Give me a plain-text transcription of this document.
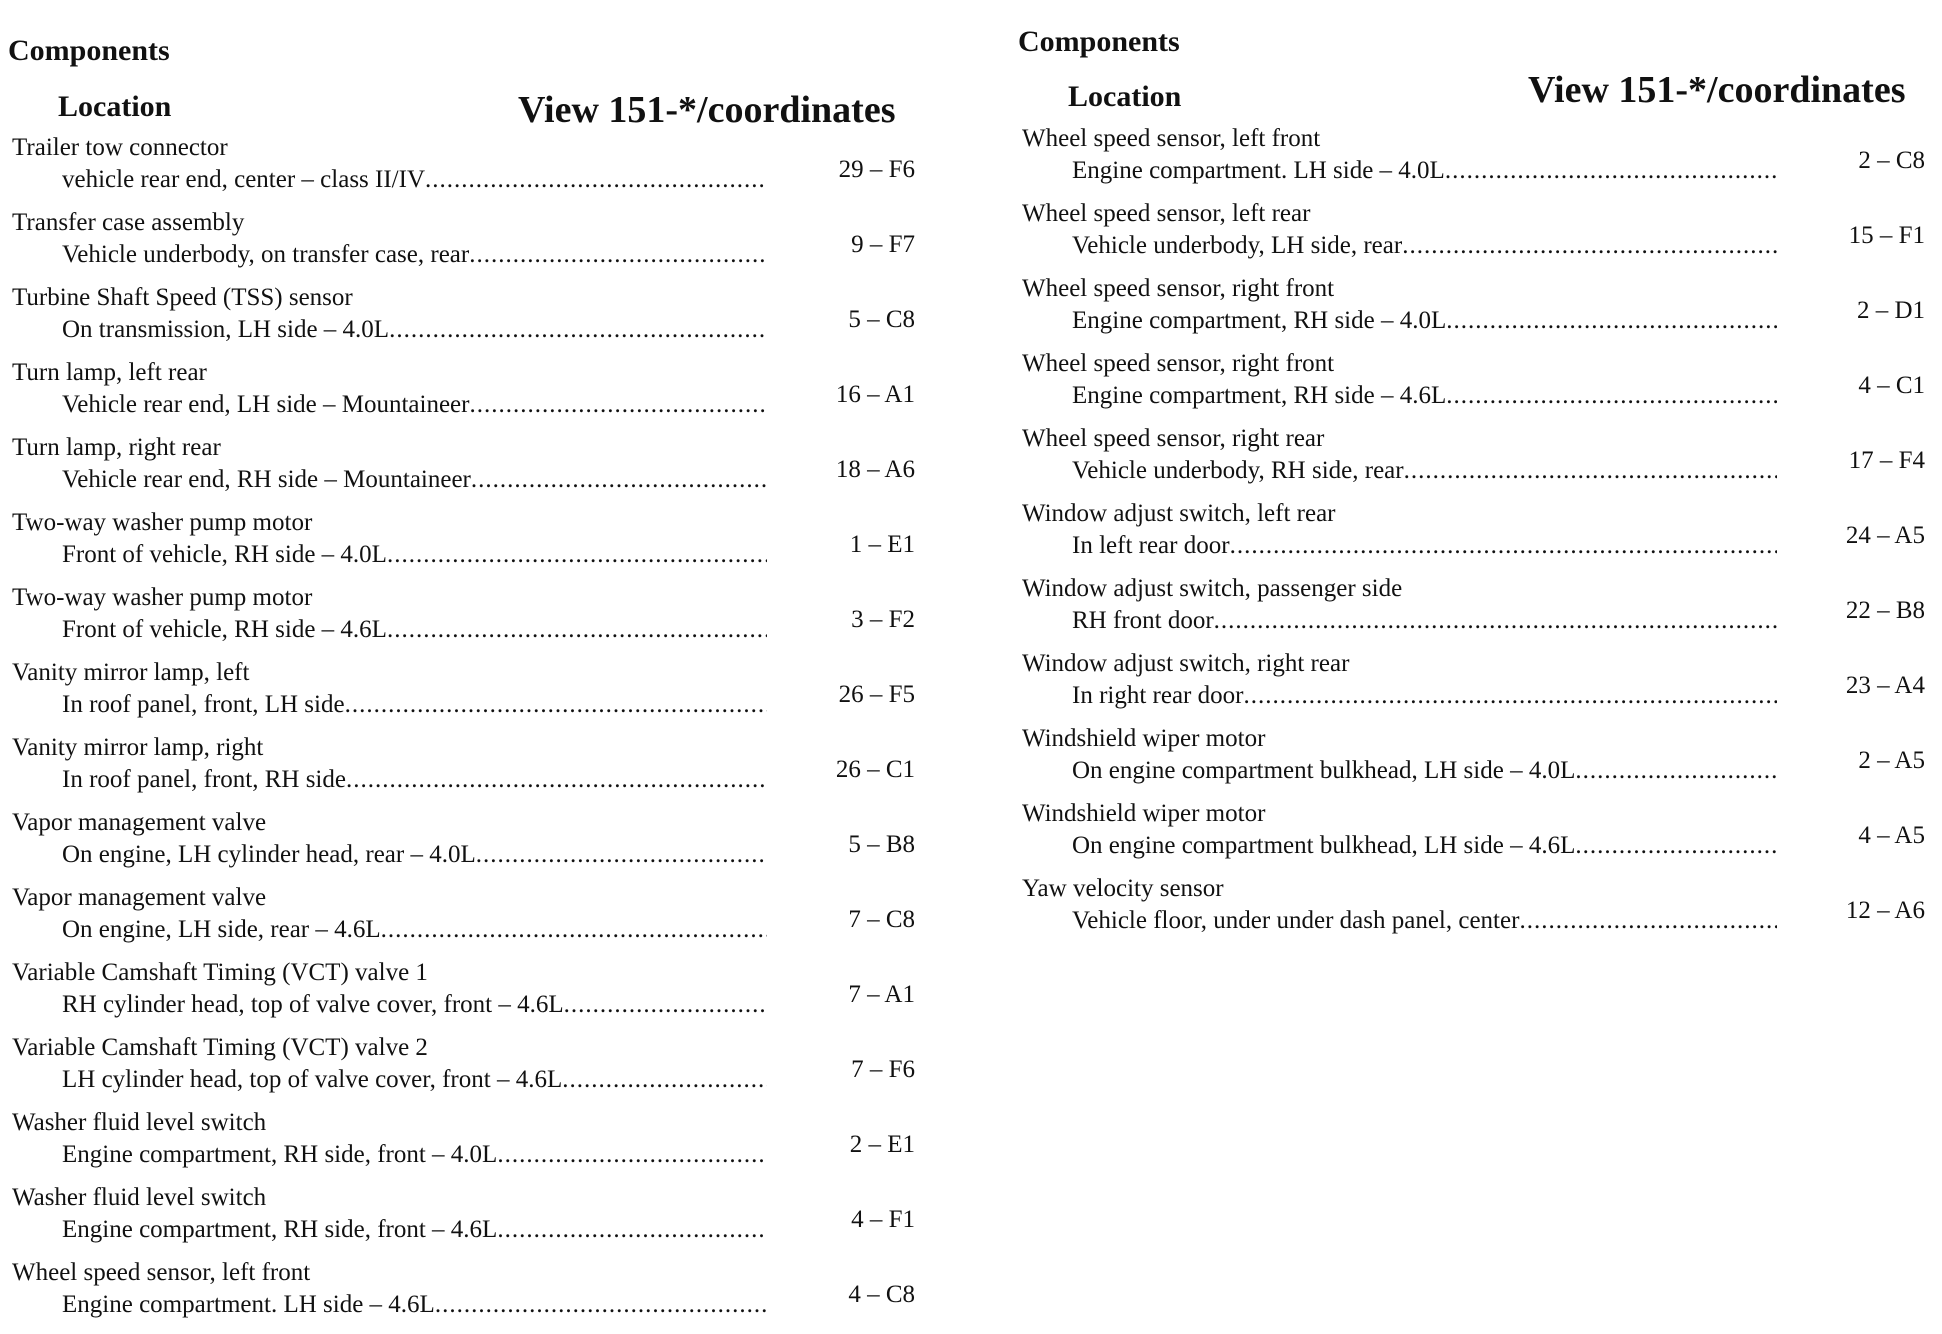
Components
Location	View 151-*/coordinates
Trailer tow connector
vehicle rear end, center – class II/IV .....	29 – F6
Transfer case assembly
Vehicle underbody, on transfer case, rear .....	9 – F7
Turbine Shaft Speed (TSS) sensor
On transmission, LH side – 4.0L .....	5 – C8
Turn lamp, left rear
Vehicle rear end, LH side – Mountaineer .....	16 – A1
Turn lamp, right rear
Vehicle rear end, RH side – Mountaineer .....	18 – A6
Two-way washer pump motor
Front of vehicle, RH side – 4.0L .....	1 – E1
Two-way washer pump motor
Front of vehicle, RH side – 4.6L .....	3 – F2
Vanity mirror lamp, left
In roof panel, front, LH side .....	26 – F5
Vanity mirror lamp, right
In roof panel, front, RH side .....	26 – C1
Vapor management valve
On engine, LH cylinder head, rear – 4.0L .....	5 – B8
Vapor management valve
On engine, LH side, rear – 4.6L .....	7 – C8
Variable Camshaft Timing (VCT) valve 1
RH cylinder head, top of valve cover, front – 4.6L .....	7 – A1
Variable Camshaft Timing (VCT) valve 2
LH cylinder head, top of valve cover, front – 4.6L .....	7 – F6
Washer fluid level switch
Engine compartment, RH side, front – 4.0L .....	2 – E1
Washer fluid level switch
Engine compartment, RH side, front – 4.6L .....	4 – F1
Wheel speed sensor, left front
Engine compartment. LH side – 4.6L .....	4 – C8
Components
Location	View 151-*/coordinates
Wheel speed sensor, left front
Engine compartment. LH side – 4.0L .....	2 – C8
Wheel speed sensor, left rear
Vehicle underbody, LH side, rear .....	15 – F1
Wheel speed sensor, right front
Engine compartment, RH side – 4.0L .....	2 – D1
Wheel speed sensor, right front
Engine compartment, RH side – 4.6L .....	4 – C1
Wheel speed sensor, right rear
Vehicle underbody, RH side, rear .....	17 – F4
Window adjust switch, left rear
In left rear door .....	24 – A5
Window adjust switch, passenger side
RH front door .....	22 – B8
Window adjust switch, right rear
In right rear door .....	23 – A4
Windshield wiper motor
On engine compartment bulkhead, LH side – 4.0L .....	2 – A5
Windshield wiper motor
On engine compartment bulkhead, LH side – 4.6L .....	4 – A5
Yaw velocity sensor
Vehicle floor, under under dash panel, center .....	12 – A6
